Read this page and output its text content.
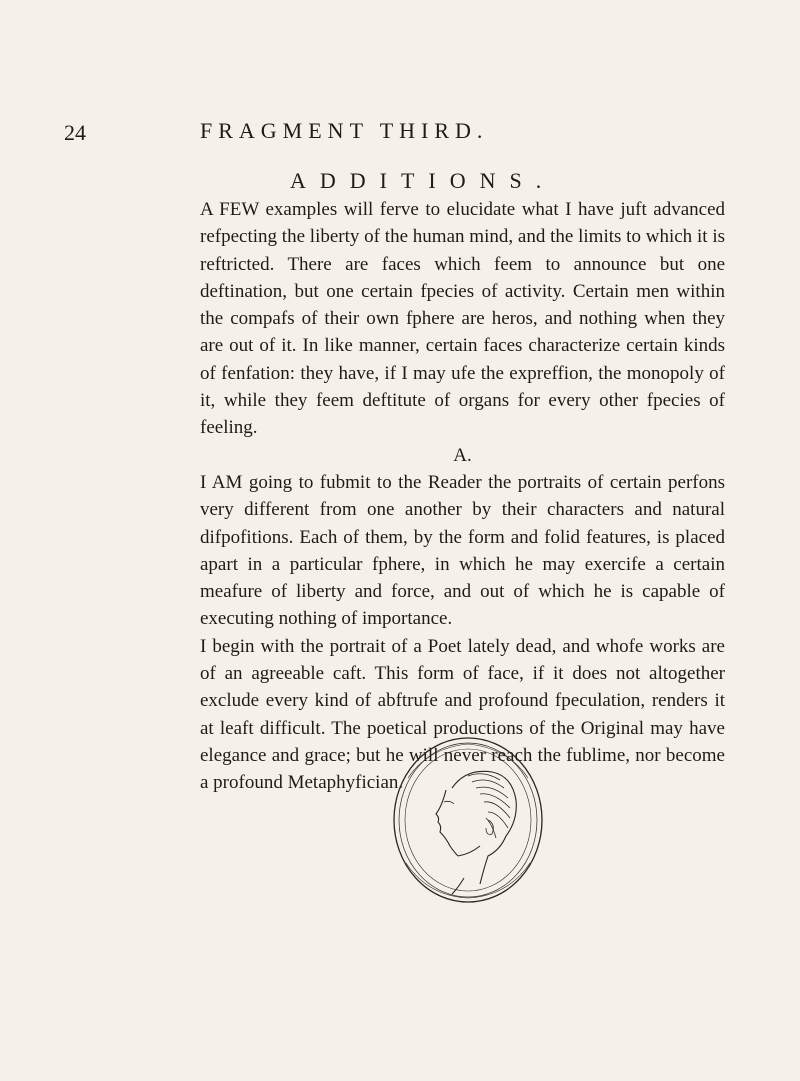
24	FRAGMENT THIRD.
ADDITIONS.

A FEW examples will ferve to elucidate what I have juft advanced refpecting the liberty of the human mind, and the limits to which it is reftricted. There are faces which feem to announce but one deftination, but one certain fpecies of activity. Certain men within the compafs of their own fphere are heros, and nothing when they are out of it. In like manner, certain faces characterize certain kinds of fenfation: they have, if I may ufe the expreffion, the monopoly of it, while they feem deftitute of organs for every other fpecies of feeling.

A.

I AM going to fubmit to the Reader the portraits of certain perfons very different from one another by their characters and natural difpofitions. Each of them, by the form and folid features, is placed apart in a particular fphere, in which he may exercife a certain meafure of liberty and force, and out of which he is capable of executing nothing of importance.

I begin with the portrait of a Poet lately dead, and whofe works are of an agreeable caft. This form of face, if it does not altogether exclude every kind of abftrufe and profound fpeculation, renders it at leaft difficult. The poetical productions of the Original may have elegance and grace; but he will never reach the fublime, nor become a profound Metaphyfician.
